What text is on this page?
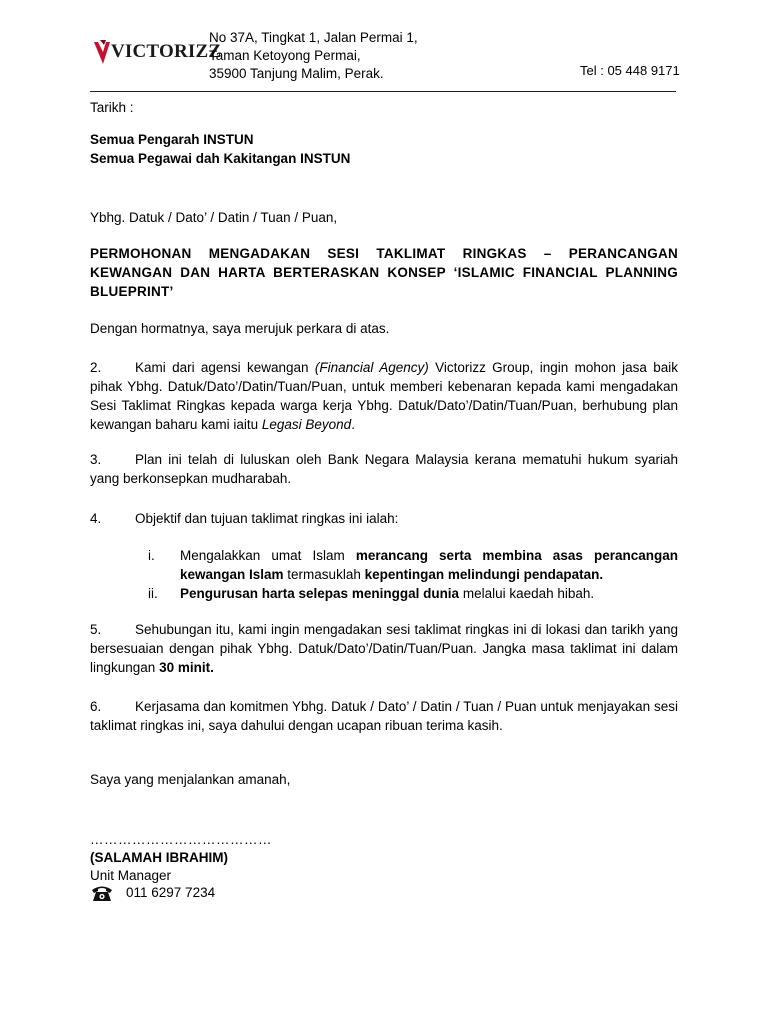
VICTORIZZ
No 37A, Tingkat 1, Jalan Permai 1,
Taman Ketoyong Permai,
35900 Tanjung Malim, Perak.	Tel : 05 448 9171
Tarikh :
Semua Pengarah INSTUN
Semua Pegawai dah Kakitangan INSTUN
Ybhg. Datuk / Dato’ / Datin / Tuan / Puan,
PERMOHONAN MENGADAKAN SESI TAKLIMAT RINGKAS – PERANCANGAN KEWANGAN DAN HARTA BERTERASKAN KONSEP ‘ISLAMIC FINANCIAL PLANNING BLUEPRINT’
Dengan hormatnya, saya merujuk perkara di atas.
2. Kami dari agensi kewangan (Financial Agency) Victorizz Group, ingin mohon jasa baik pihak Ybhg. Datuk/Dato’/Datin/Tuan/Puan, untuk memberi kebenaran kepada kami mengadakan Sesi Taklimat Ringkas kepada warga kerja Ybhg. Datuk/Dato’/Datin/Tuan/Puan, berhubung plan kewangan baharu kami iaitu Legasi Beyond.
3. Plan ini telah di luluskan oleh Bank Negara Malaysia kerana mematuhi hukum syariah yang berkonsepkan mudharabah.
4. Objektif dan tujuan taklimat ringkas ini ialah:
i.	Mengalakkan umat Islam merancang serta membina asas perancangan kewangan Islam termasuklah kepentingan melindungi pendapatan.
ii.	Pengurusan harta selepas meninggal dunia melalui kaedah hibah.
5. Sehubungan itu, kami ingin mengadakan sesi taklimat ringkas ini di lokasi dan tarikh yang bersesuaian dengan pihak Ybhg. Datuk/Dato’/Datin/Tuan/Puan. Jangka masa taklimat ini dalam lingkungan 30 minit.
6. Kerjasama dan komitmen Ybhg. Datuk / Dato’ / Datin / Tuan / Puan untuk menjayakan sesi taklimat ringkas ini, saya dahului dengan ucapan ribuan terima kasih.
Saya yang menjalankan amanah,
…………………………………
(SALAMAH IBRAHIM)
Unit Manager
011 6297 7234
